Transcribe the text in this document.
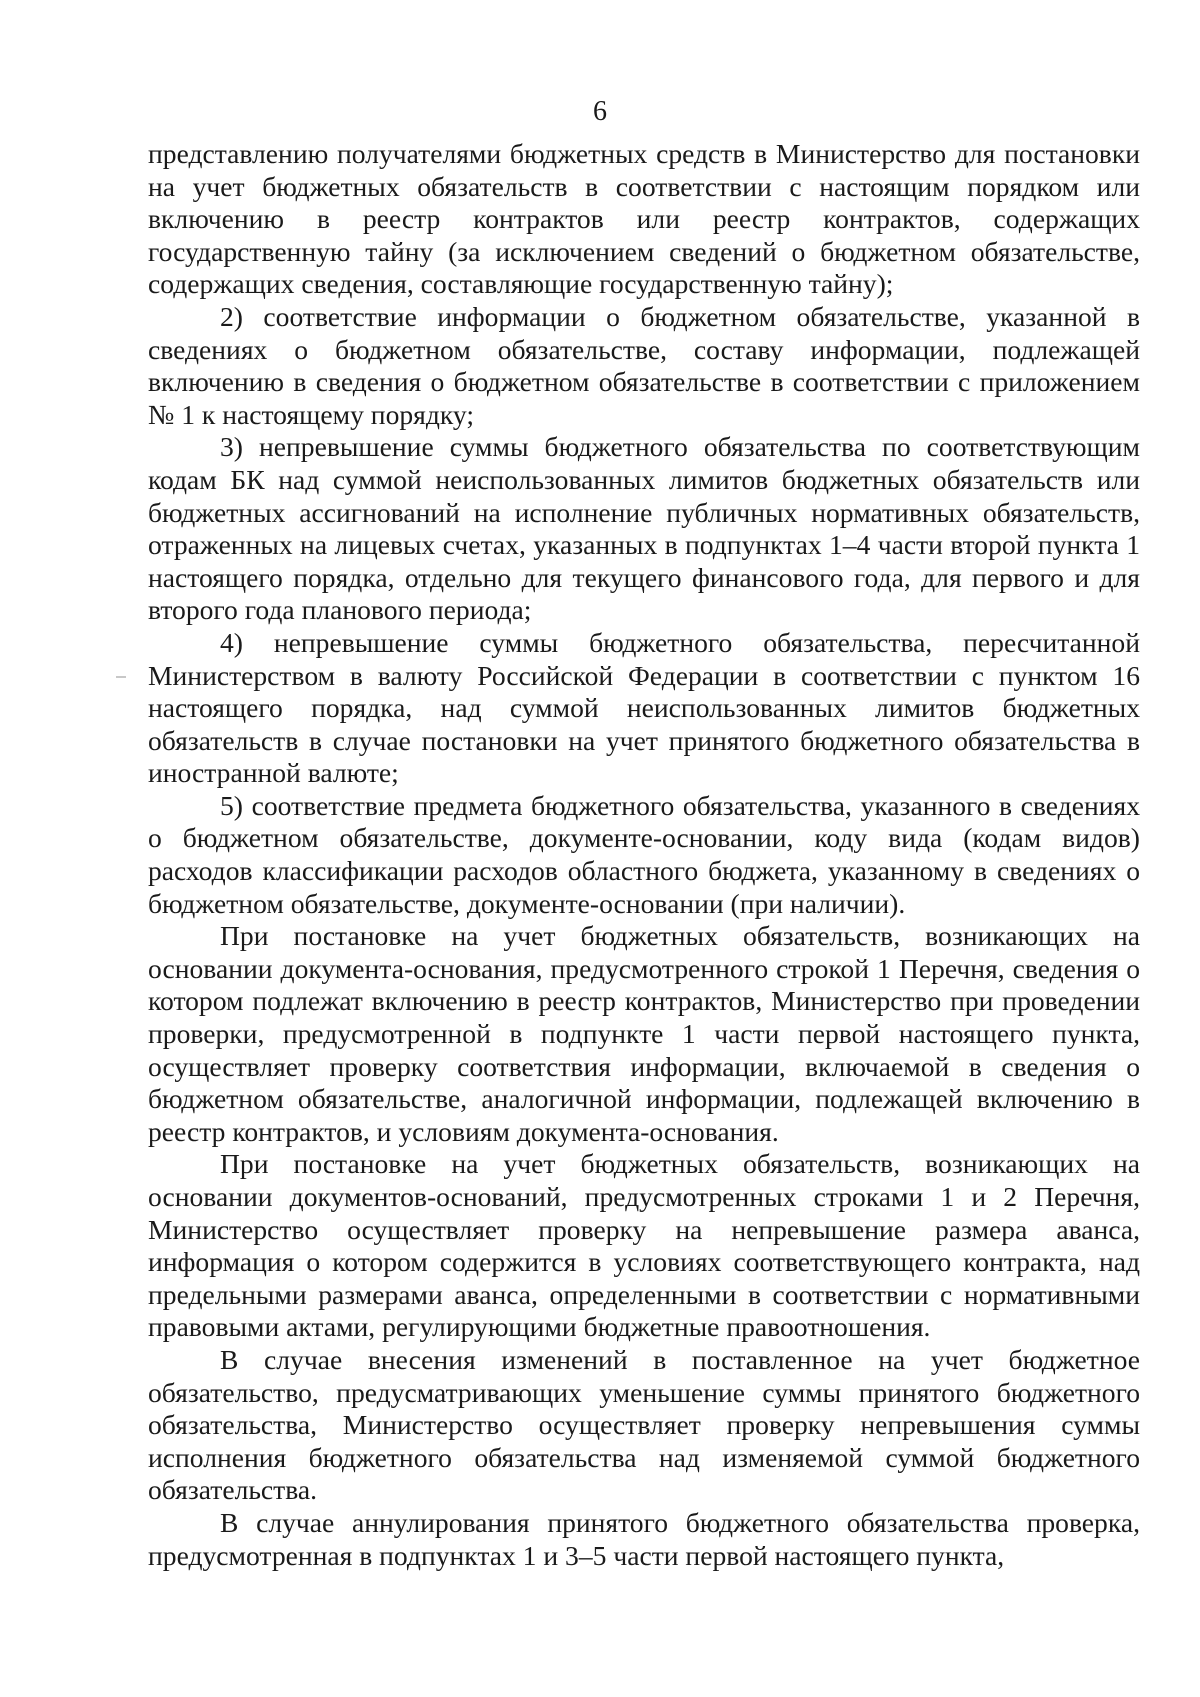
6

представлению получателями бюджетных средств в Министерство для постановки на учет бюджетных обязательств в соответствии с настоящим порядком или включению в реестр контрактов или реестр контрактов, содержащих государственную тайну (за исключением сведений о бюджетном обязательстве, содержащих сведения, составляющие государственную тайну);

2) соответствие информации о бюджетном обязательстве, указанной в сведениях о бюджетном обязательстве, составу информации, подлежащей включению в сведения о бюджетном обязательстве в соответствии с приложением № 1 к настоящему порядку;

3) непревышение суммы бюджетного обязательства по соответствующим кодам БК над суммой неиспользованных лимитов бюджетных обязательств или бюджетных ассигнований на исполнение публичных нормативных обязательств, отраженных на лицевых счетах, указанных в подпунктах 1–4 части второй пункта 1 настоящего порядка, отдельно для текущего финансового года, для первого и для второго года планового периода;

4) непревышение суммы бюджетного обязательства, пересчитанной Министерством в валюту Российской Федерации в соответствии с пунктом 16 настоящего порядка, над суммой неиспользованных лимитов бюджетных обязательств в случае постановки на учет принятого бюджетного обязательства в иностранной валюте;

5) соответствие предмета бюджетного обязательства, указанного в сведениях о бюджетном обязательстве, документе-основании, коду вида (кодам видов) расходов классификации расходов областного бюджета, указанному в сведениях о бюджетном обязательстве, документе-основании (при наличии).

При постановке на учет бюджетных обязательств, возникающих на основании документа-основания, предусмотренного строкой 1 Перечня, сведения о котором подлежат включению в реестр контрактов, Министерство при проведении проверки, предусмотренной в подпункте 1 части первой настоящего пункта, осуществляет проверку соответствия информации, включаемой в сведения о бюджетном обязательстве, аналогичной информации, подлежащей включению в реестр контрактов, и условиям документа-основания.

При постановке на учет бюджетных обязательств, возникающих на основании документов-оснований, предусмотренных строками 1 и 2 Перечня, Министерство осуществляет проверку на непревышение размера аванса, информация о котором содержится в условиях соответствующего контракта, над предельными размерами аванса, определенными в соответствии с нормативными правовыми актами, регулирующими бюджетные правоотношения.

В случае внесения изменений в поставленное на учет бюджетное обязательство, предусматривающих уменьшение суммы принятого бюджетного обязательства, Министерство осуществляет проверку непревышения суммы исполнения бюджетного обязательства над изменяемой суммой бюджетного обязательства.

В случае аннулирования принятого бюджетного обязательства проверка, предусмотренная в подпунктах 1 и 3–5 части первой настоящего пункта,
